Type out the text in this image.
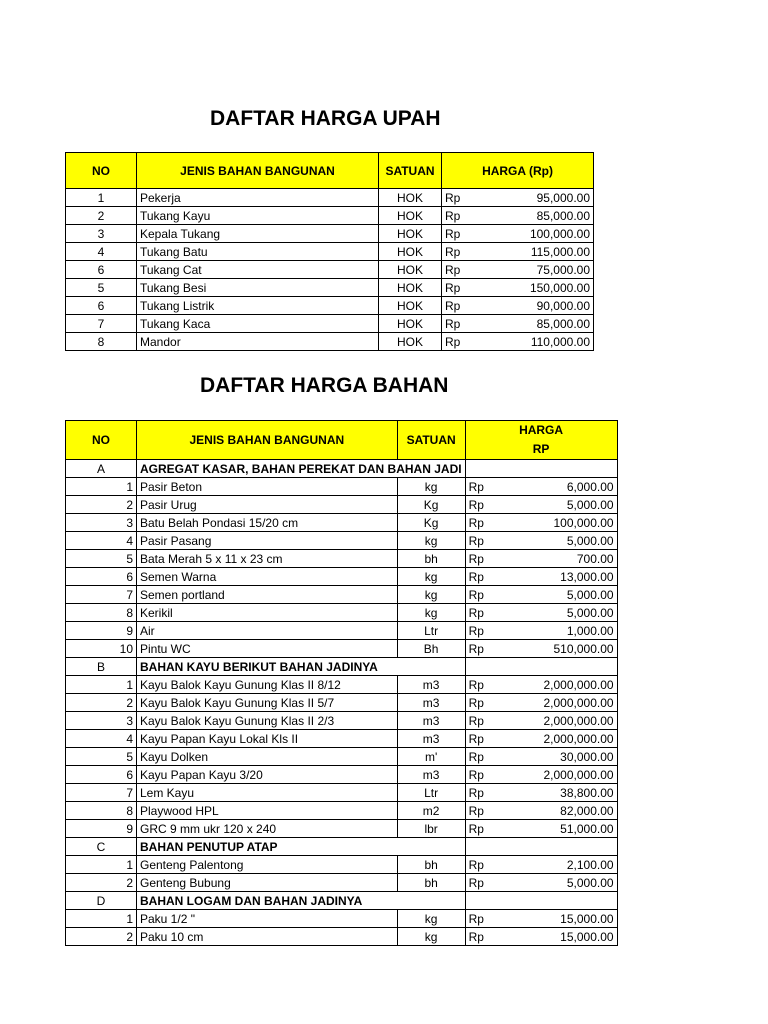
DAFTAR HARGA UPAH
NO	JENIS BAHAN BANGUNAN	SATUAN	HARGA (Rp)	
1	Pekerja	HOK	Rp	95,000.00
2	Tukang Kayu	HOK	Rp	85,000.00
3	Kepala Tukang	HOK	Rp	100,000.00
4	Tukang Batu	HOK	Rp	115,000.00
6	Tukang Cat	HOK	Rp	75,000.00
5	Tukang Besi	HOK	Rp	150,000.00
6	Tukang Listrik	HOK	Rp	90,000.00
7	Tukang Kaca	HOK	Rp	85,000.00
8	Mandor	HOK	Rp	110,000.00
DAFTAR HARGA BAHAN
NO	JENIS BAHAN BANGUNAN	SATUAN	HARGA
RP	

A	AGREGAT KASAR, BAHAN PEREKAT DAN BAHAN JADI			
1	Pasir Beton	kg	Rp	6,000.00
2	Pasir Urug	Kg	Rp	5,000.00
3	Batu Belah Pondasi 15/20 cm	Kg	Rp	100,000.00
4	Pasir Pasang	kg	Rp	5,000.00
5	Bata Merah 5 x 11 x 23 cm	bh	Rp	700.00
6	Semen Warna	kg	Rp	13,000.00
7	Semen portland	kg	Rp	5,000.00
8	Kerikil	kg	Rp	5,000.00
9	Air	Ltr	Rp	1,000.00
10	Pintu WC	Bh	Rp	510,000.00
B	BAHAN KAYU BERIKUT BAHAN JADINYA			
1	Kayu Balok Kayu Gunung Klas II 8/12	m3	Rp	2,000,000.00
2	Kayu Balok Kayu Gunung Klas II 5/7	m3	Rp	2,000,000.00
3	Kayu Balok Kayu Gunung Klas II 2/3	m3	Rp	2,000,000.00
4	Kayu Papan Kayu Lokal Kls II	m3	Rp	2,000,000.00
5	Kayu Dolken	m'	Rp	30,000.00
6	Kayu Papan Kayu 3/20	m3	Rp	2,000,000.00
7	Lem Kayu	Ltr	Rp	38,800.00
8	Playwood HPL	m2	Rp	82,000.00
9	GRC 9 mm ukr 120 x 240	lbr	Rp	51,000.00
C	BAHAN PENUTUP ATAP			
1	Genteng Palentong	bh	Rp	2,100.00
2	Genteng Bubung	bh	Rp	5,000.00
D	BAHAN LOGAM DAN BAHAN JADINYA			
1	Paku 1/2 "	kg	Rp	15,000.00
2	Paku 10 cm	kg	Rp	15,000.00
